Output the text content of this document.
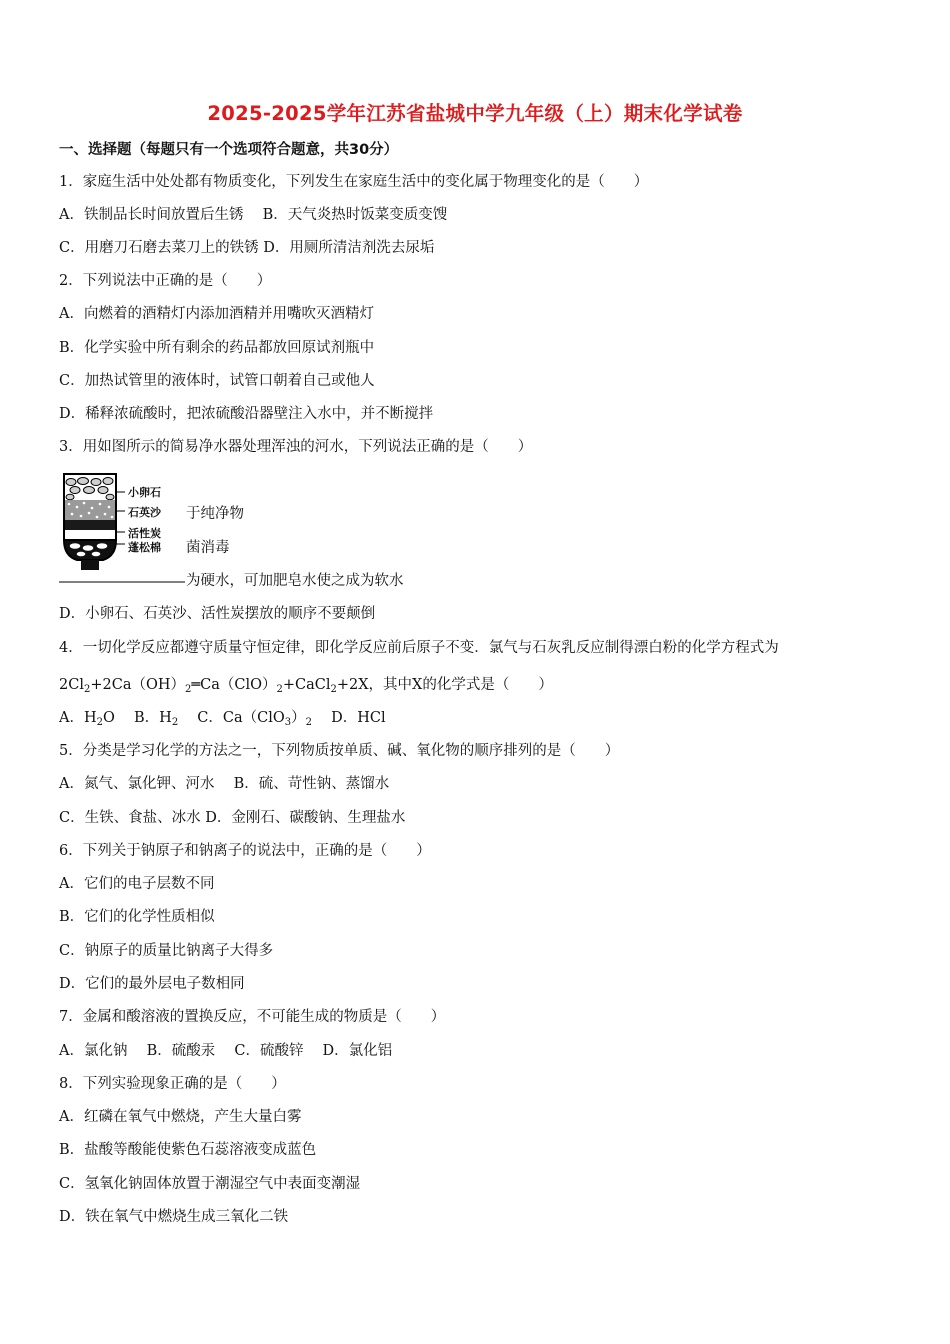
2025-2025学年江苏省盐城中学九年级（上）期末化学试卷

一、选择题（每题只有一个选项符合题意，共30分）

1．家庭生活中处处都有物质变化，下列发生在家庭生活中的变化属于物理变化的是（　　）

A．铁制品长时间放置后生锈　 B．天气炎热时饭菜变质变馊

C．用磨刀石磨去菜刀上的铁锈 D．用厕所清洁剂洗去尿垢

2．下列说法中正确的是（　　）

A．向燃着的酒精灯内添加酒精并用嘴吹灭酒精灯

B．化学实验中所有剩余的药品都放回原试剂瓶中

C．加热试管里的液体时，试管口朝着自己或他人

D．稀释浓硫酸时，把浓硫酸沿器壁注入水中，并不断搅拌

3．用如图所示的简易净水器处理浑浊的河水，下列说法正确的是（　　）

小卵石
石英沙
活性炭
蓬松棉

于纯净物

菌消毒

为硬水，可加肥皂水使之成为软水

D．小卵石、石英沙、活性炭摆放的顺序不要颠倒

4．一切化学反应都遵守质量守恒定律，即化学反应前后原子不变．氯气与石灰乳反应制得漂白粉的化学方程式为

$2Cl_2+2Ca(OH)_2═Ca(ClO)_2+CaCl_2+2X$，其中X的化学式是（　　）

A．$H_2O$　 B．$H_2$　 C．$Ca(ClO_3)_2$　 D．HCl

5．分类是学习化学的方法之一，下列物质按单质、碱、氧化物的顺序排列的是（　　）

A．氮气、氯化钾、河水　 B．硫、苛性钠、蒸馏水

C．生铁、食盐、冰水 D．金刚石、碳酸钠、生理盐水

6．下列关于钠原子和钠离子的说法中，正确的是（　　）

A．它们的电子层数不同

B．它们的化学性质相似

C．钠原子的质量比钠离子大得多

D．它们的最外层电子数相同

7．金属和酸溶液的置换反应，不可能生成的物质是（　　）

A．氯化钠　 B．硫酸汞　 C．硫酸锌　 D．氯化铝

8．下列实验现象正确的是（　　）

A．红磷在氧气中燃烧，产生大量白雾

B．盐酸等酸能使紫色石蕊溶液变成蓝色

C．氢氧化钠固体放置于潮湿空气中表面变潮湿

D．铁在氧气中燃烧生成三氧化二铁
